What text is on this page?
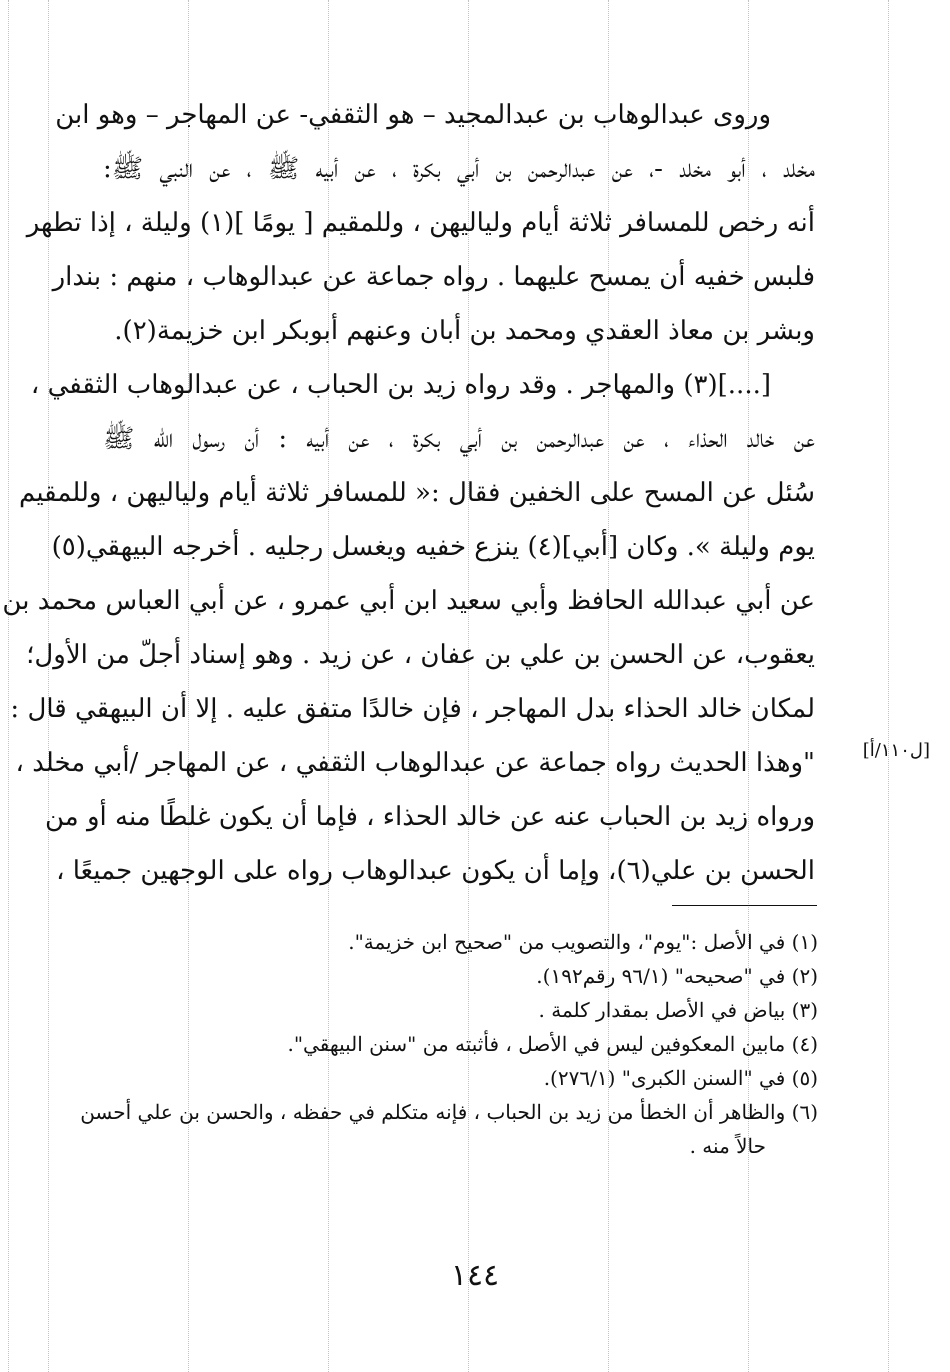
وروى عبدالوهاب بن عبدالمجيد – هو الثقفي- عن المهاجر – وهو ابن
مخلد ، أبو مخلد -، عن عبدالرحمن بن أبي بكرة ، عن أبيه ﷺ ، عن النبي ﷺ:
أنه رخص للمسافر ثلاثة أيام ولياليهن ، وللمقيم [ يومًا ](١) وليلة ، إذا تطهر
فلبس خفيه أن يمسح عليهما . رواه جماعة عن عبدالوهاب ، منهم : بندار
وبشر بن معاذ العقدي ومحمد بن أبان وعنهم أبوبكر ابن خزيمة(٢).
[....](٣) والمهاجر . وقد رواه زيد بن الحباب ، عن عبدالوهاب الثقفي ،
عن خالد الحذاء ، عن عبدالرحمن بن أبي بكرة ، عن أبيه : أن رسول الله ﷺ
سُئل عن المسح على الخفين فقال :« للمسافر ثلاثة أيام ولياليهن ، وللمقيم
يوم وليلة ». وكان [أبي](٤) ينزع خفيه ويغسل رجليه . أخرجه البيهقي(٥)
عن أبي عبدالله الحافظ وأبي سعيد ابن أبي عمرو ، عن أبي العباس محمد بن
يعقوب، عن الحسن بن علي بن عفان ، عن زيد . وهو إسناد أجلّ من الأول؛
لمكان خالد الحذاء بدل المهاجر ، فإن خالدًا متفق عليه . إلا أن البيهقي قال :
"وهذا الحديث رواه جماعة عن عبدالوهاب الثقفي ، عن المهاجر /أبي مخلد ،
ورواه زيد بن الحباب عنه عن خالد الحذاء ، فإما أن يكون غلطًا منه أو من
الحسن بن علي(٦)، وإما أن يكون عبدالوهاب رواه على الوجهين جميعًا ،
[ل١١٠/أ]
(١) في الأصل :"يوم"، والتصويب من "صحيح ابن خزيمة".
(٢) في "صحيحه" (٩٦/١ رقم١٩٢).
(٣) بياض في الأصل بمقدار كلمة .
(٤) مابين المعكوفين ليس في الأصل ، فأثبته من "سنن البيهقي".
(٥) في "السنن الكبرى" (٢٧٦/١).
(٦) والظاهر أن الخطأ من زيد بن الحباب ، فإنه متكلم في حفظه ، والحسن بن علي أحسن
حالاً منه .
١٤٤
